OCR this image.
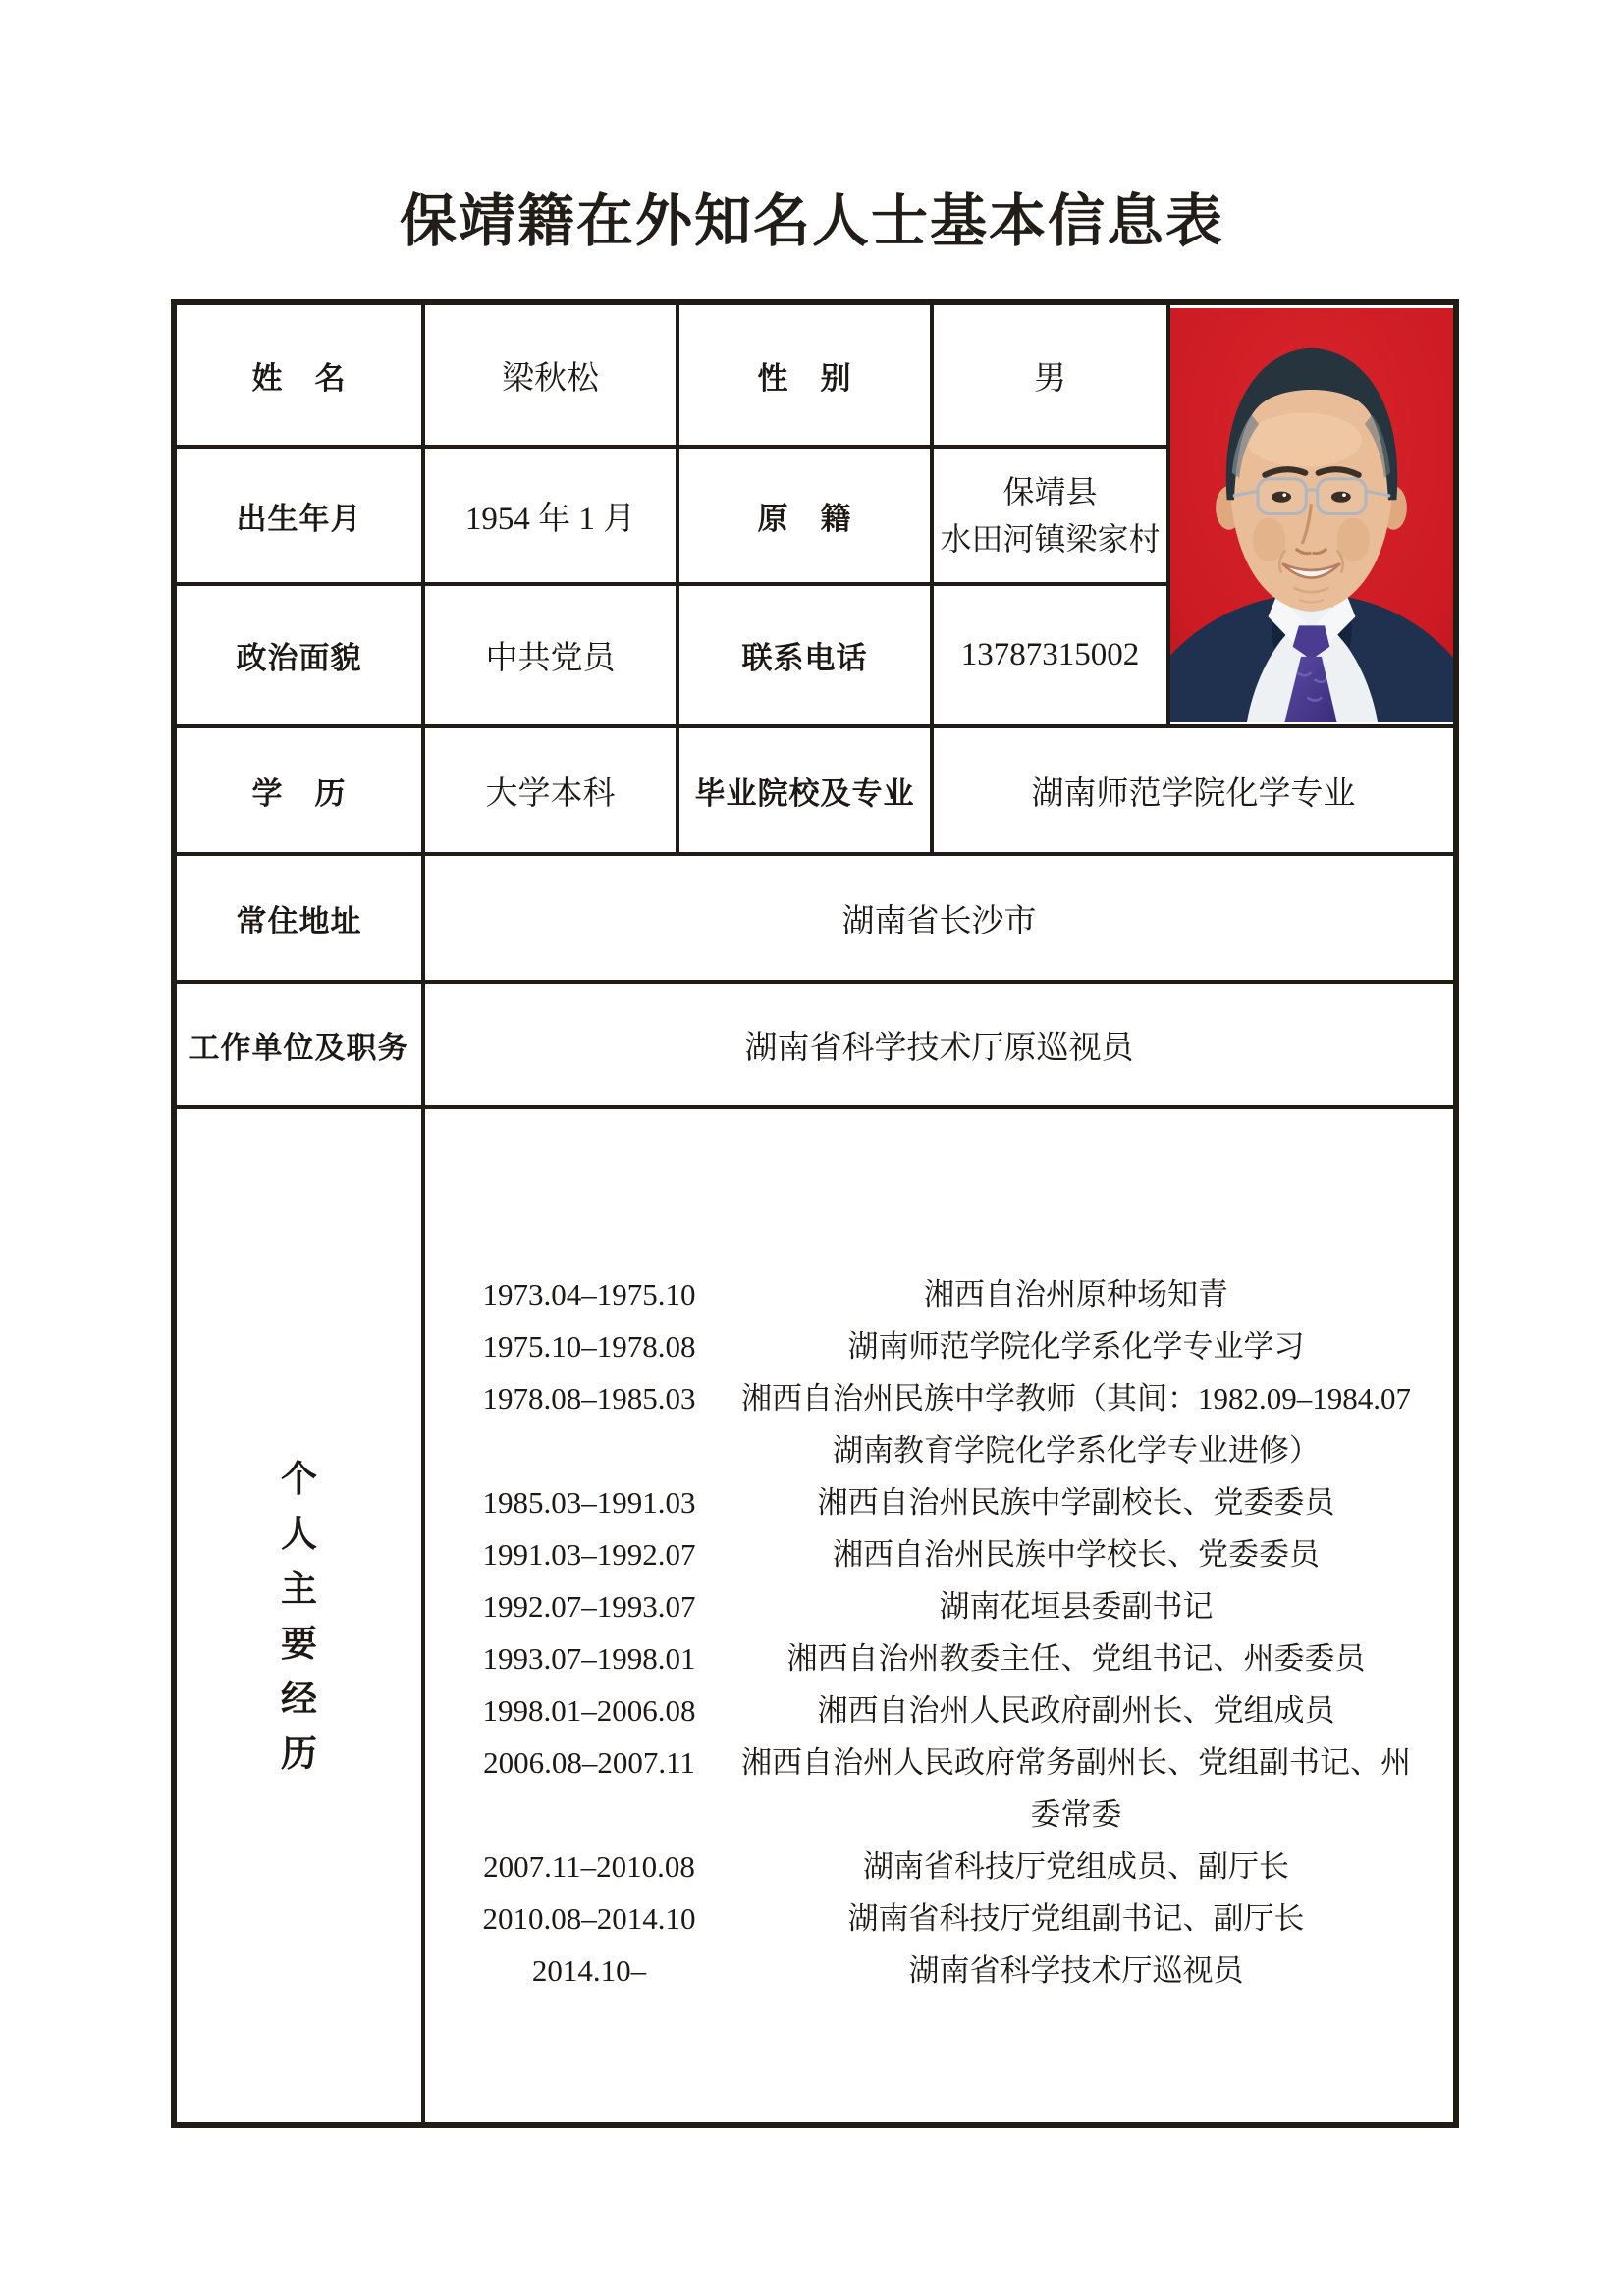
保靖籍在外知名人士基本信息表
姓　名	梁秋松	性　别	男	

出生年月	1954 年 1 月	原　籍	保靖县
水田河镇梁家村	

政治面貌	中共党员	联系电话	13787315002	
学　历	大学本科	毕业院校及专业	湖南师范学院化学专业	
常住地址	湖南省长沙市			
工作单位及职务	湖南省科学技术厅原巡视员			

个
人
主
要
经
历

1973.04–1975.10	湘西自治州原种场知青
1975.10–1978.08	湖南师范学院化学系化学专业学习
1978.08–1985.03	湘西自治州民族中学教师（其间：1982.09–1984.07 湖南教育学院化学系化学专业进修）
1985.03–1991.03	湘西自治州民族中学副校长、党委委员
1991.03–1992.07	湘西自治州民族中学校长、党委委员
1992.07–1993.07	湖南花垣县委副书记
1993.07–1998.01	湘西自治州教委主任、党组书记、州委委员
1998.01–2006.08	湘西自治州人民政府副州长、党组成员
2006.08–2007.11	湘西自治州人民政府常务副州长、党组副书记、州委常委
2007.11–2010.08	湖南省科技厅党组成员、副厅长
2010.08–2014.10	湖南省科技厅党组副书记、副厅长
2014.10–	湖南省科学技术厅巡视员
